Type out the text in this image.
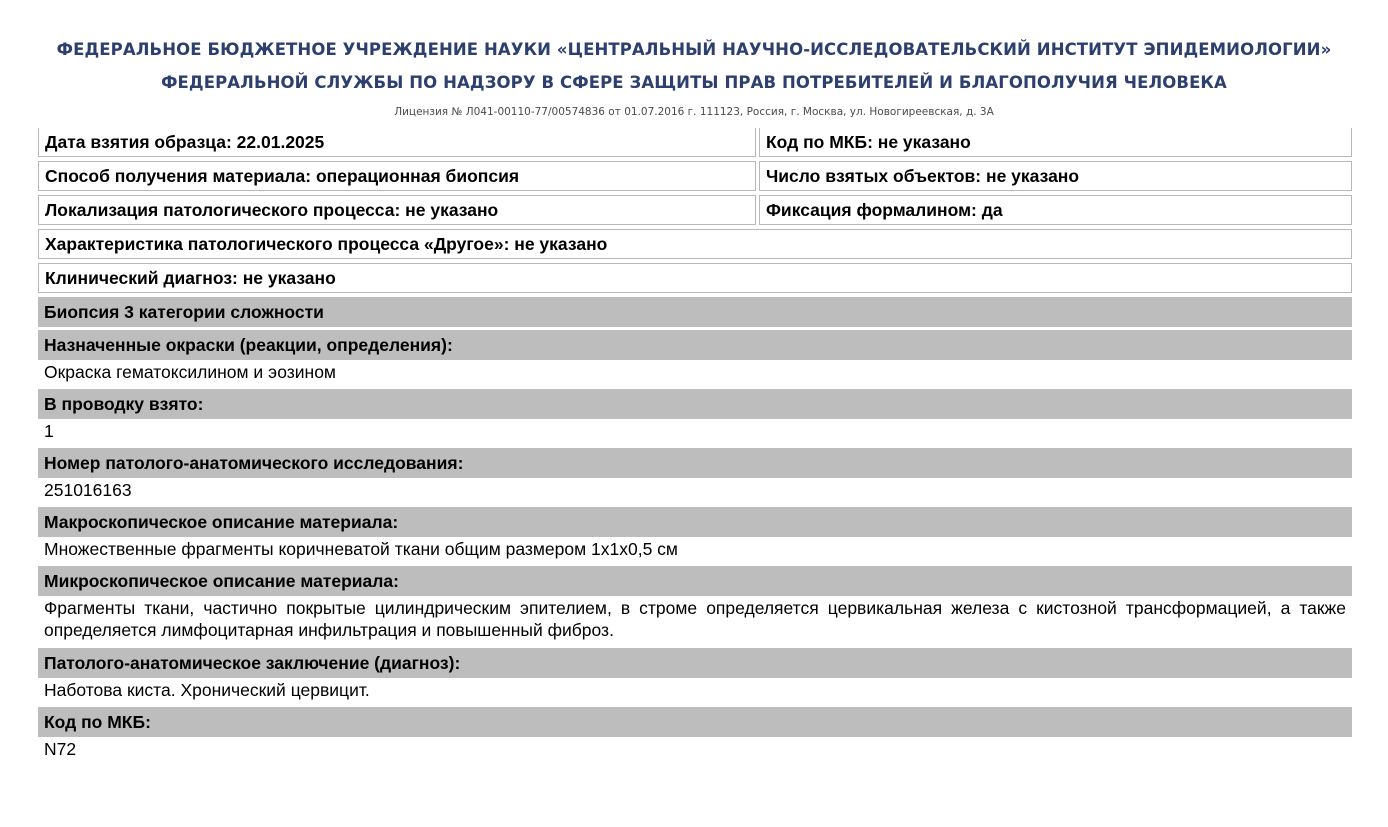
ФЕДЕРАЛЬНОЕ БЮДЖЕТНОЕ УЧРЕЖДЕНИЕ НАУКИ «ЦЕНТРАЛЬНЫЙ НАУЧНО-ИССЛЕДОВАТЕЛЬСКИЙ ИНСТИТУТ ЭПИДЕМИОЛОГИИ»
ФЕДЕРАЛЬНОЙ СЛУЖБЫ ПО НАДЗОРУ В СФЕРЕ ЗАЩИТЫ ПРАВ ПОТРЕБИТЕЛЕЙ И БЛАГОПОЛУЧИЯ ЧЕЛОВЕКА
Лицензия № Л041-00110-77/00574836 от 01.07.2016 г. 111123, Россия, г. Москва, ул. Новогиреевская, д. 3А
Дата взятия образца: 22.01.2025	Код по МКБ: не указано
Способ получения материала: операционная биопсия	Число взятых объектов: не указано
Локализация патологического процесса: не указано	Фиксация формалином: да
Характеристика патологического процесса «Другое»: не указано
Клинический диагноз: не указано
Биопсия 3 категории сложности
Назначенные окраски (реакции, определения):
Окраска гематоксилином и эозином
В проводку взято:
1
Номер патолого-анатомического исследования:
251016163
Макроскопическое описание материала:
Множественные фрагменты коричневатой ткани общим размером 1х1х0,5 см
Микроскопическое описание материала:
Фрагменты ткани, частично покрытые цилиндрическим эпителием, в строме определяется цервикальная железа с кистозной трансформацией, а также определяется лимфоцитарная инфильтрация и повышенный фиброз.
Патолого-анатомическое заключение (диагноз):
Наботова киста. Хронический цервицит.
Код по МКБ:
N72
